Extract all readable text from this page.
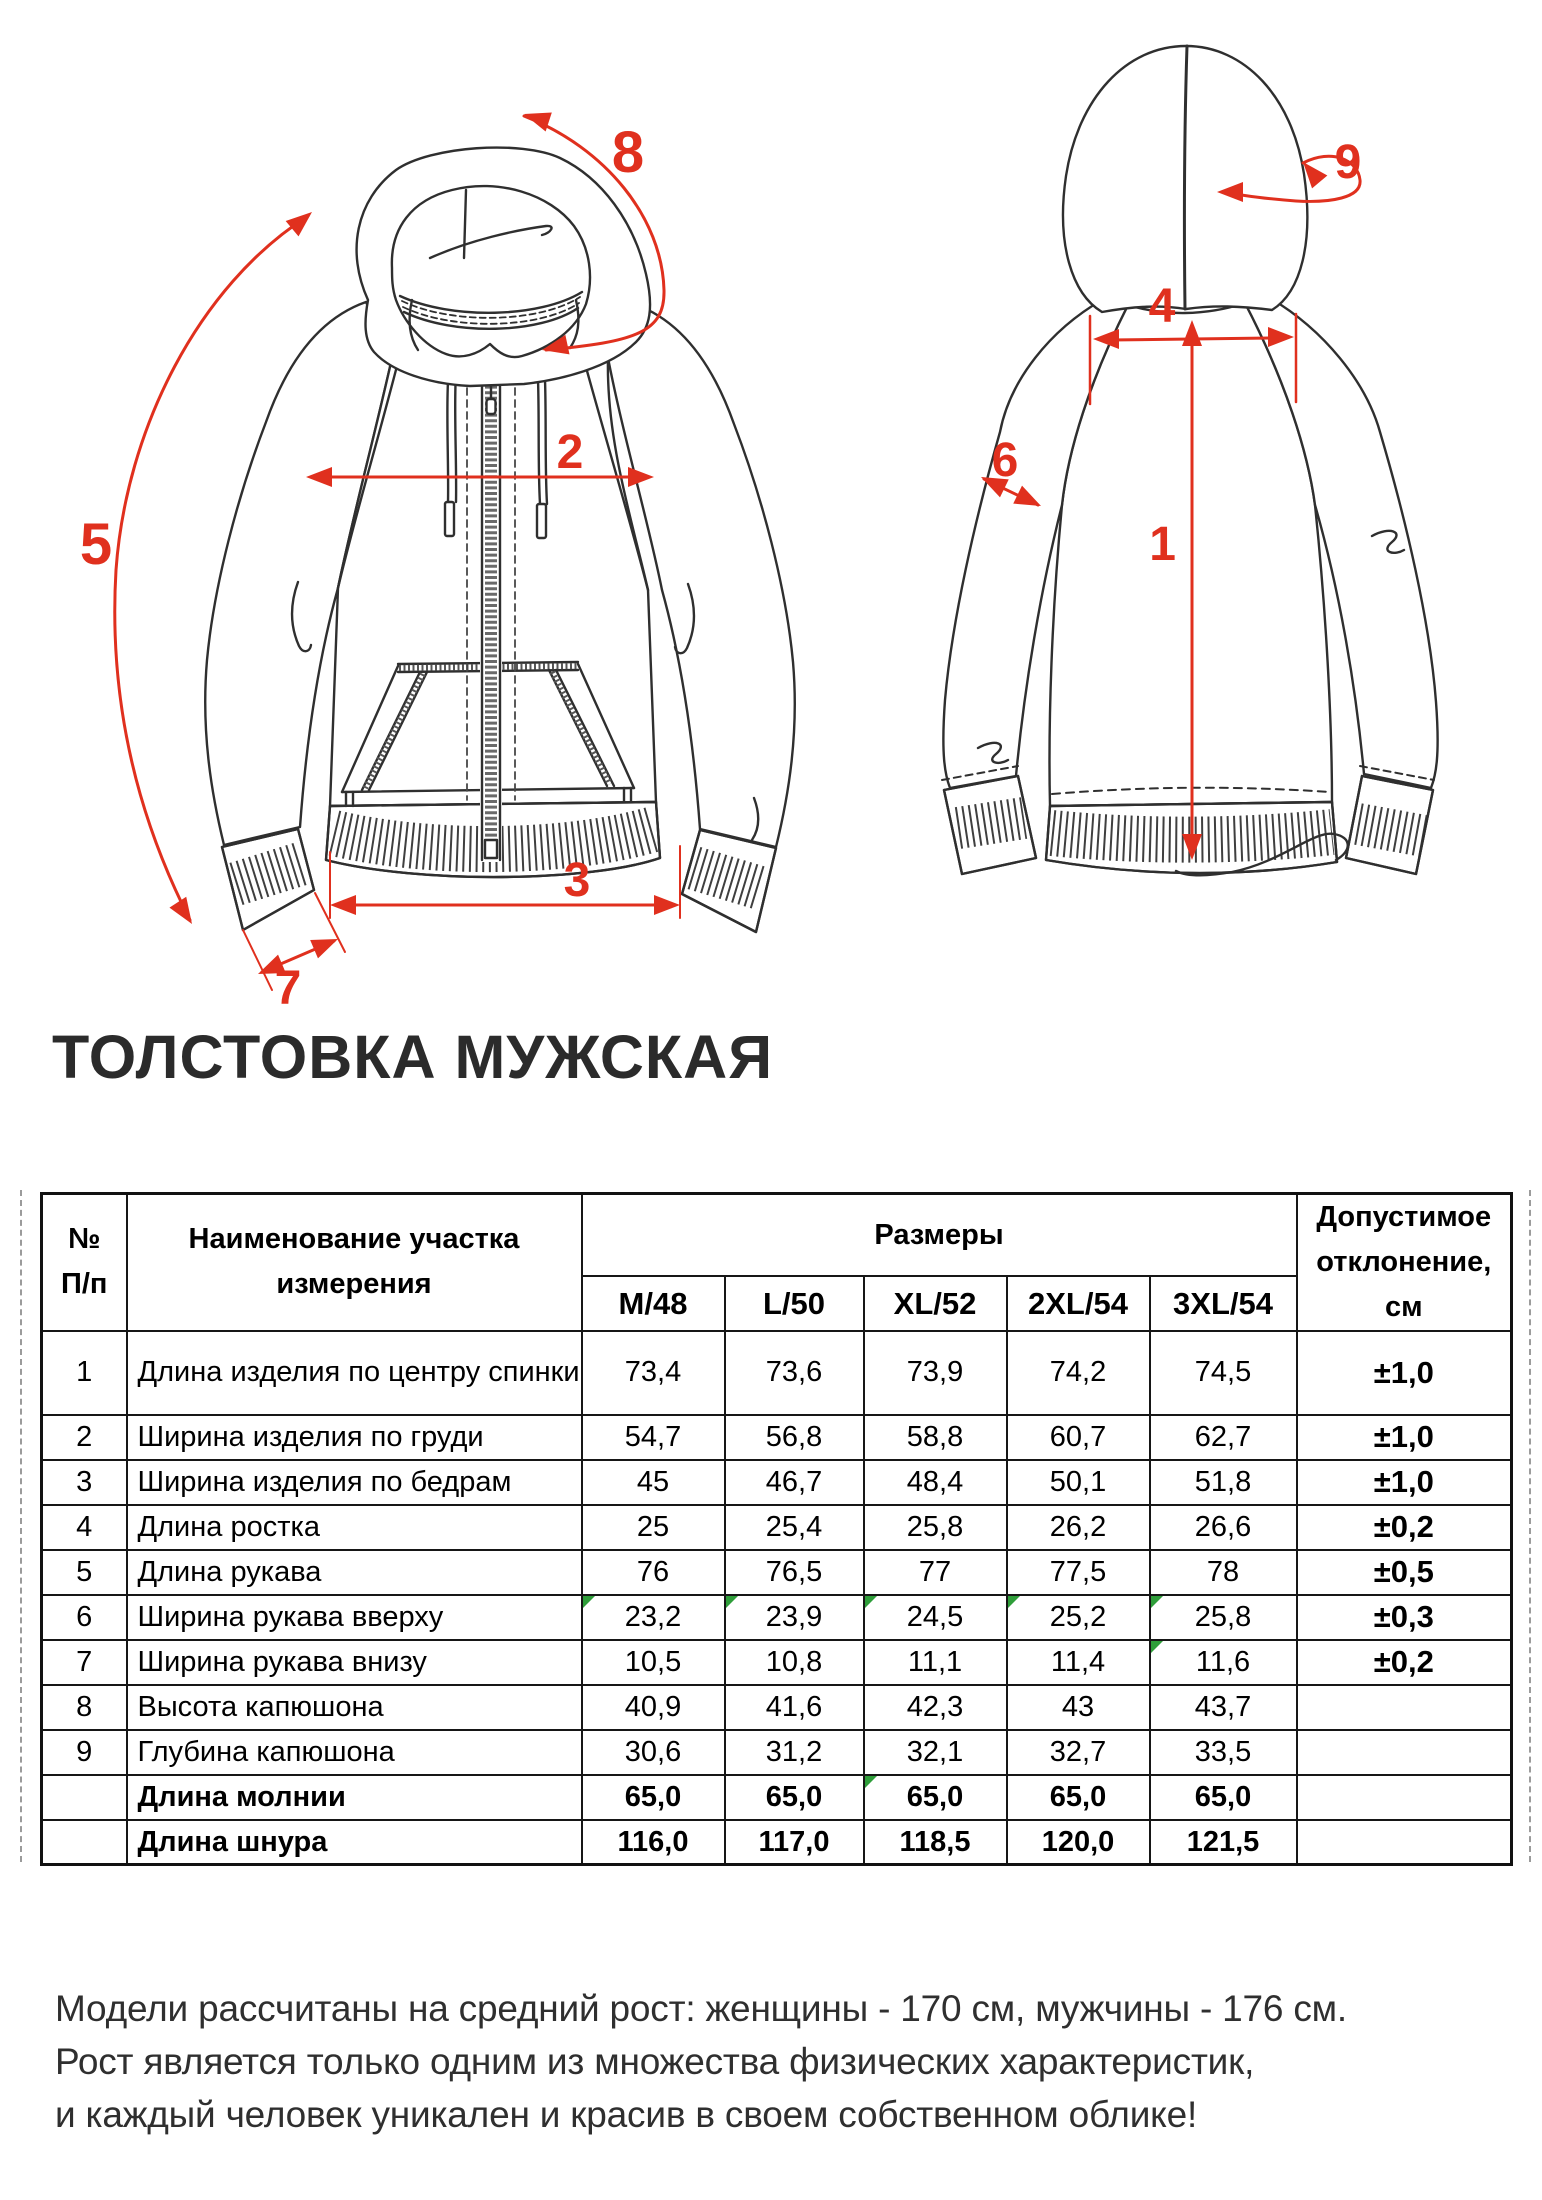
1
2
3
4
5
6
7
8	9
ТОЛСТОВКА МУЖСКАЯ
№
П/п	Наименование участка измерения	Размеры					Допустимое отклонение, см
		M/48	L/50	XL/52	2XL/54	3XL/54	
1	Длина изделия по центру спинки	73,4	73,6	73,9	74,2	74,5	±1,0
2	Ширина изделия по груди	54,7	56,8	58,8	60,7	62,7	±1,0
3	Ширина изделия по бедрам	45	46,7	48,4	50,1	51,8	±1,0
4	Длина ростка	25	25,4	25,8	26,2	26,6	±0,2
5	Длина рукава	76	76,5	77	77,5	78	±0,5
6	Ширина рукава вверху	23,2	23,9	24,5	25,2	25,8	±0,3
7	Ширина рукава внизу	10,5	10,8	11,1	11,4	11,6	±0,2
8	Высота капюшона	40,9	41,6	42,3	43	43,7	
9	Глубина капюшона	30,6	31,2	32,1	32,7	33,5	
	Длина молнии	65,0	65,0	65,0	65,0	65,0	
	Длина шнура	116,0	117,0	118,5	120,0	121,5	
Модели рассчитаны на средний рост: женщины - 170 см, мужчины - 176 см.
Рост является только одним из множества физических характеристик,
и каждый человек уникален и красив в своем собственном облике!
